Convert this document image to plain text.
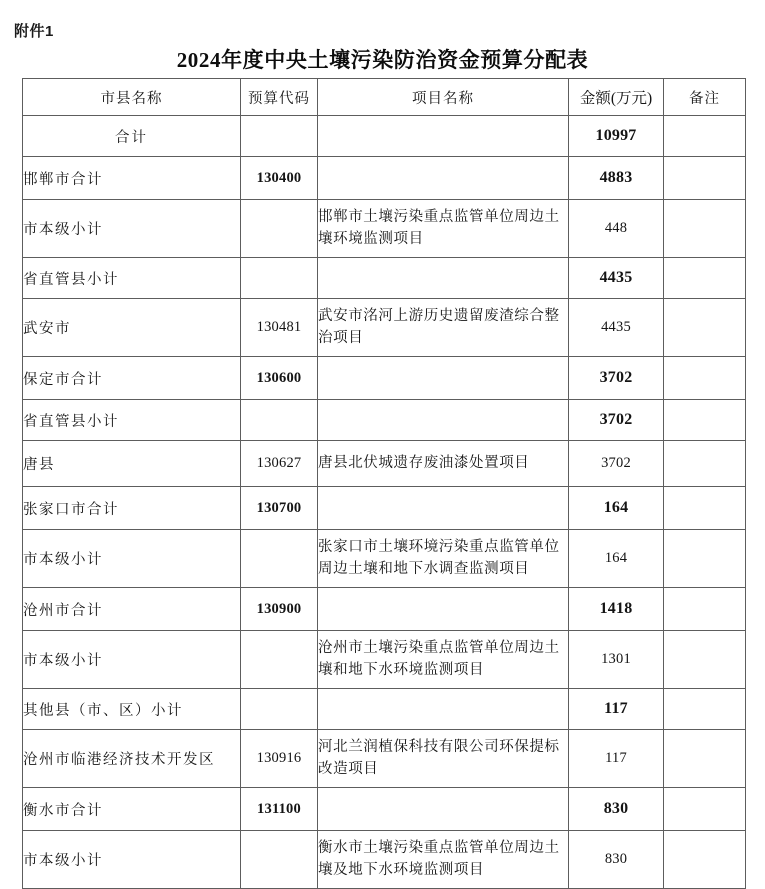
附件1
2024年度中央土壤污染防治资金预算分配表
市县名称	预算代码	项目名称	金额(万元)	备注
合计			10997	
邯郸市合计	130400		4883	
市本级小计		邯郸市土壤污染重点监管单位周边土壤环境监测项目	448	
省直管县小计			4435	
武安市	130481	武安市洺河上游历史遗留废渣综合整治项目	4435	
保定市合计	130600		3702	
省直管县小计			3702	
唐县	130627	唐县北伏城遗存废油漆处置项目	3702	
张家口市合计	130700		164	
市本级小计		张家口市土壤环境污染重点监管单位周边土壤和地下水调查监测项目	164	
沧州市合计	130900		1418	
市本级小计		沧州市土壤污染重点监管单位周边土壤和地下水环境监测项目	1301	
其他县（市、区）小计			117	
沧州市临港经济技术开发区	130916	河北兰润植保科技有限公司环保提标改造项目	117	
衡水市合计	131100		830	
市本级小计		衡水市土壤污染重点监管单位周边土壤及地下水环境监测项目	830	
